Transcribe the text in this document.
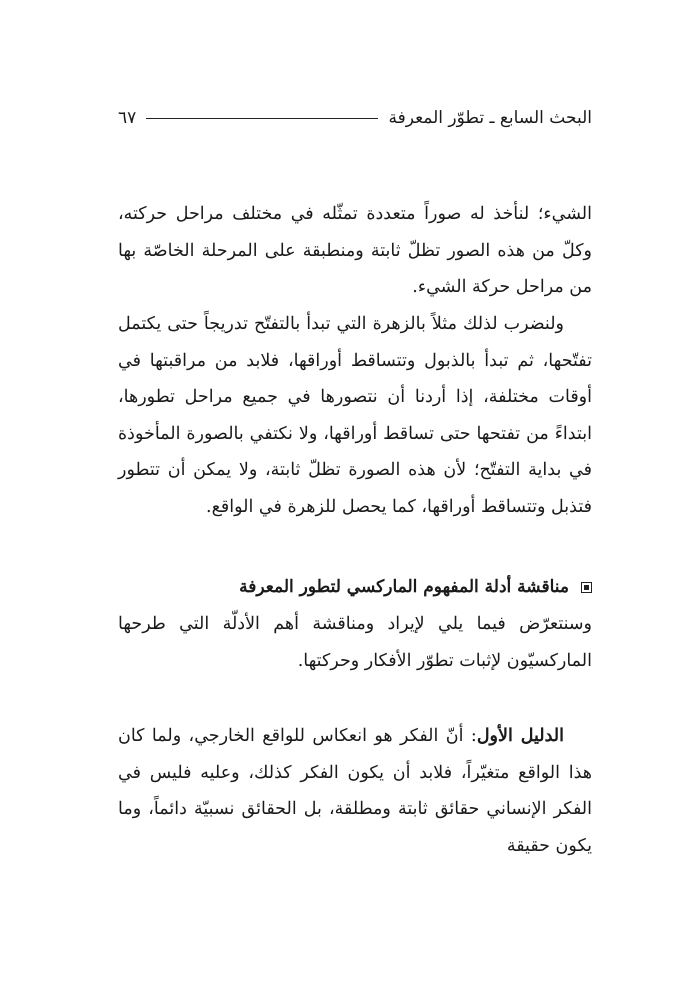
البحث السابع ـ تطوّر المعرفة
٦٧
الشيء؛ لنأخذ له صوراً متعددة تمثّله في مختلف مراحل حركته، وكلّ من هذه الصور تظلّ ثابتة ومنطبقة على المرحلة الخاصّة بها من مراحل حركة الشيء.
ولنضرب لذلك مثلاً بالزهرة التي تبدأ بالتفتّح تدريجاً حتى يكتمل تفتّحها، ثم تبدأ بالذبول وتتساقط أوراقها، فلابد من مراقبتها في أوقات مختلفة، إذا أردنا أن نتصورها في جميع مراحل تطورها، ابتداءً من تفتحها حتى تساقط أوراقها، ولا نكتفي بالصورة المأخوذة في بداية التفتّح؛ لأن هذه الصورة تظلّ ثابتة، ولا يمكن أن تتطور فتذبل وتتساقط أوراقها، كما يحصل للزهرة في الواقع.
مناقشة أدلة المفهوم الماركسي لتطور المعرفة
وسنتعرّض فيما يلي لإيراد ومناقشة أهم الأدلّة التي طرحها الماركسيّون لإثبات تطوّر الأفكار وحركتها.
الدليل الأول: أنّ الفكر هو انعكاس للواقع الخارجي، ولما كان هذا الواقع متغيّراً، فلابد أن يكون الفكر كذلك، وعليه فليس في الفكر الإنساني حقائق ثابتة ومطلقة، بل الحقائق نسبيّة دائماً، وما يكون حقيقة
